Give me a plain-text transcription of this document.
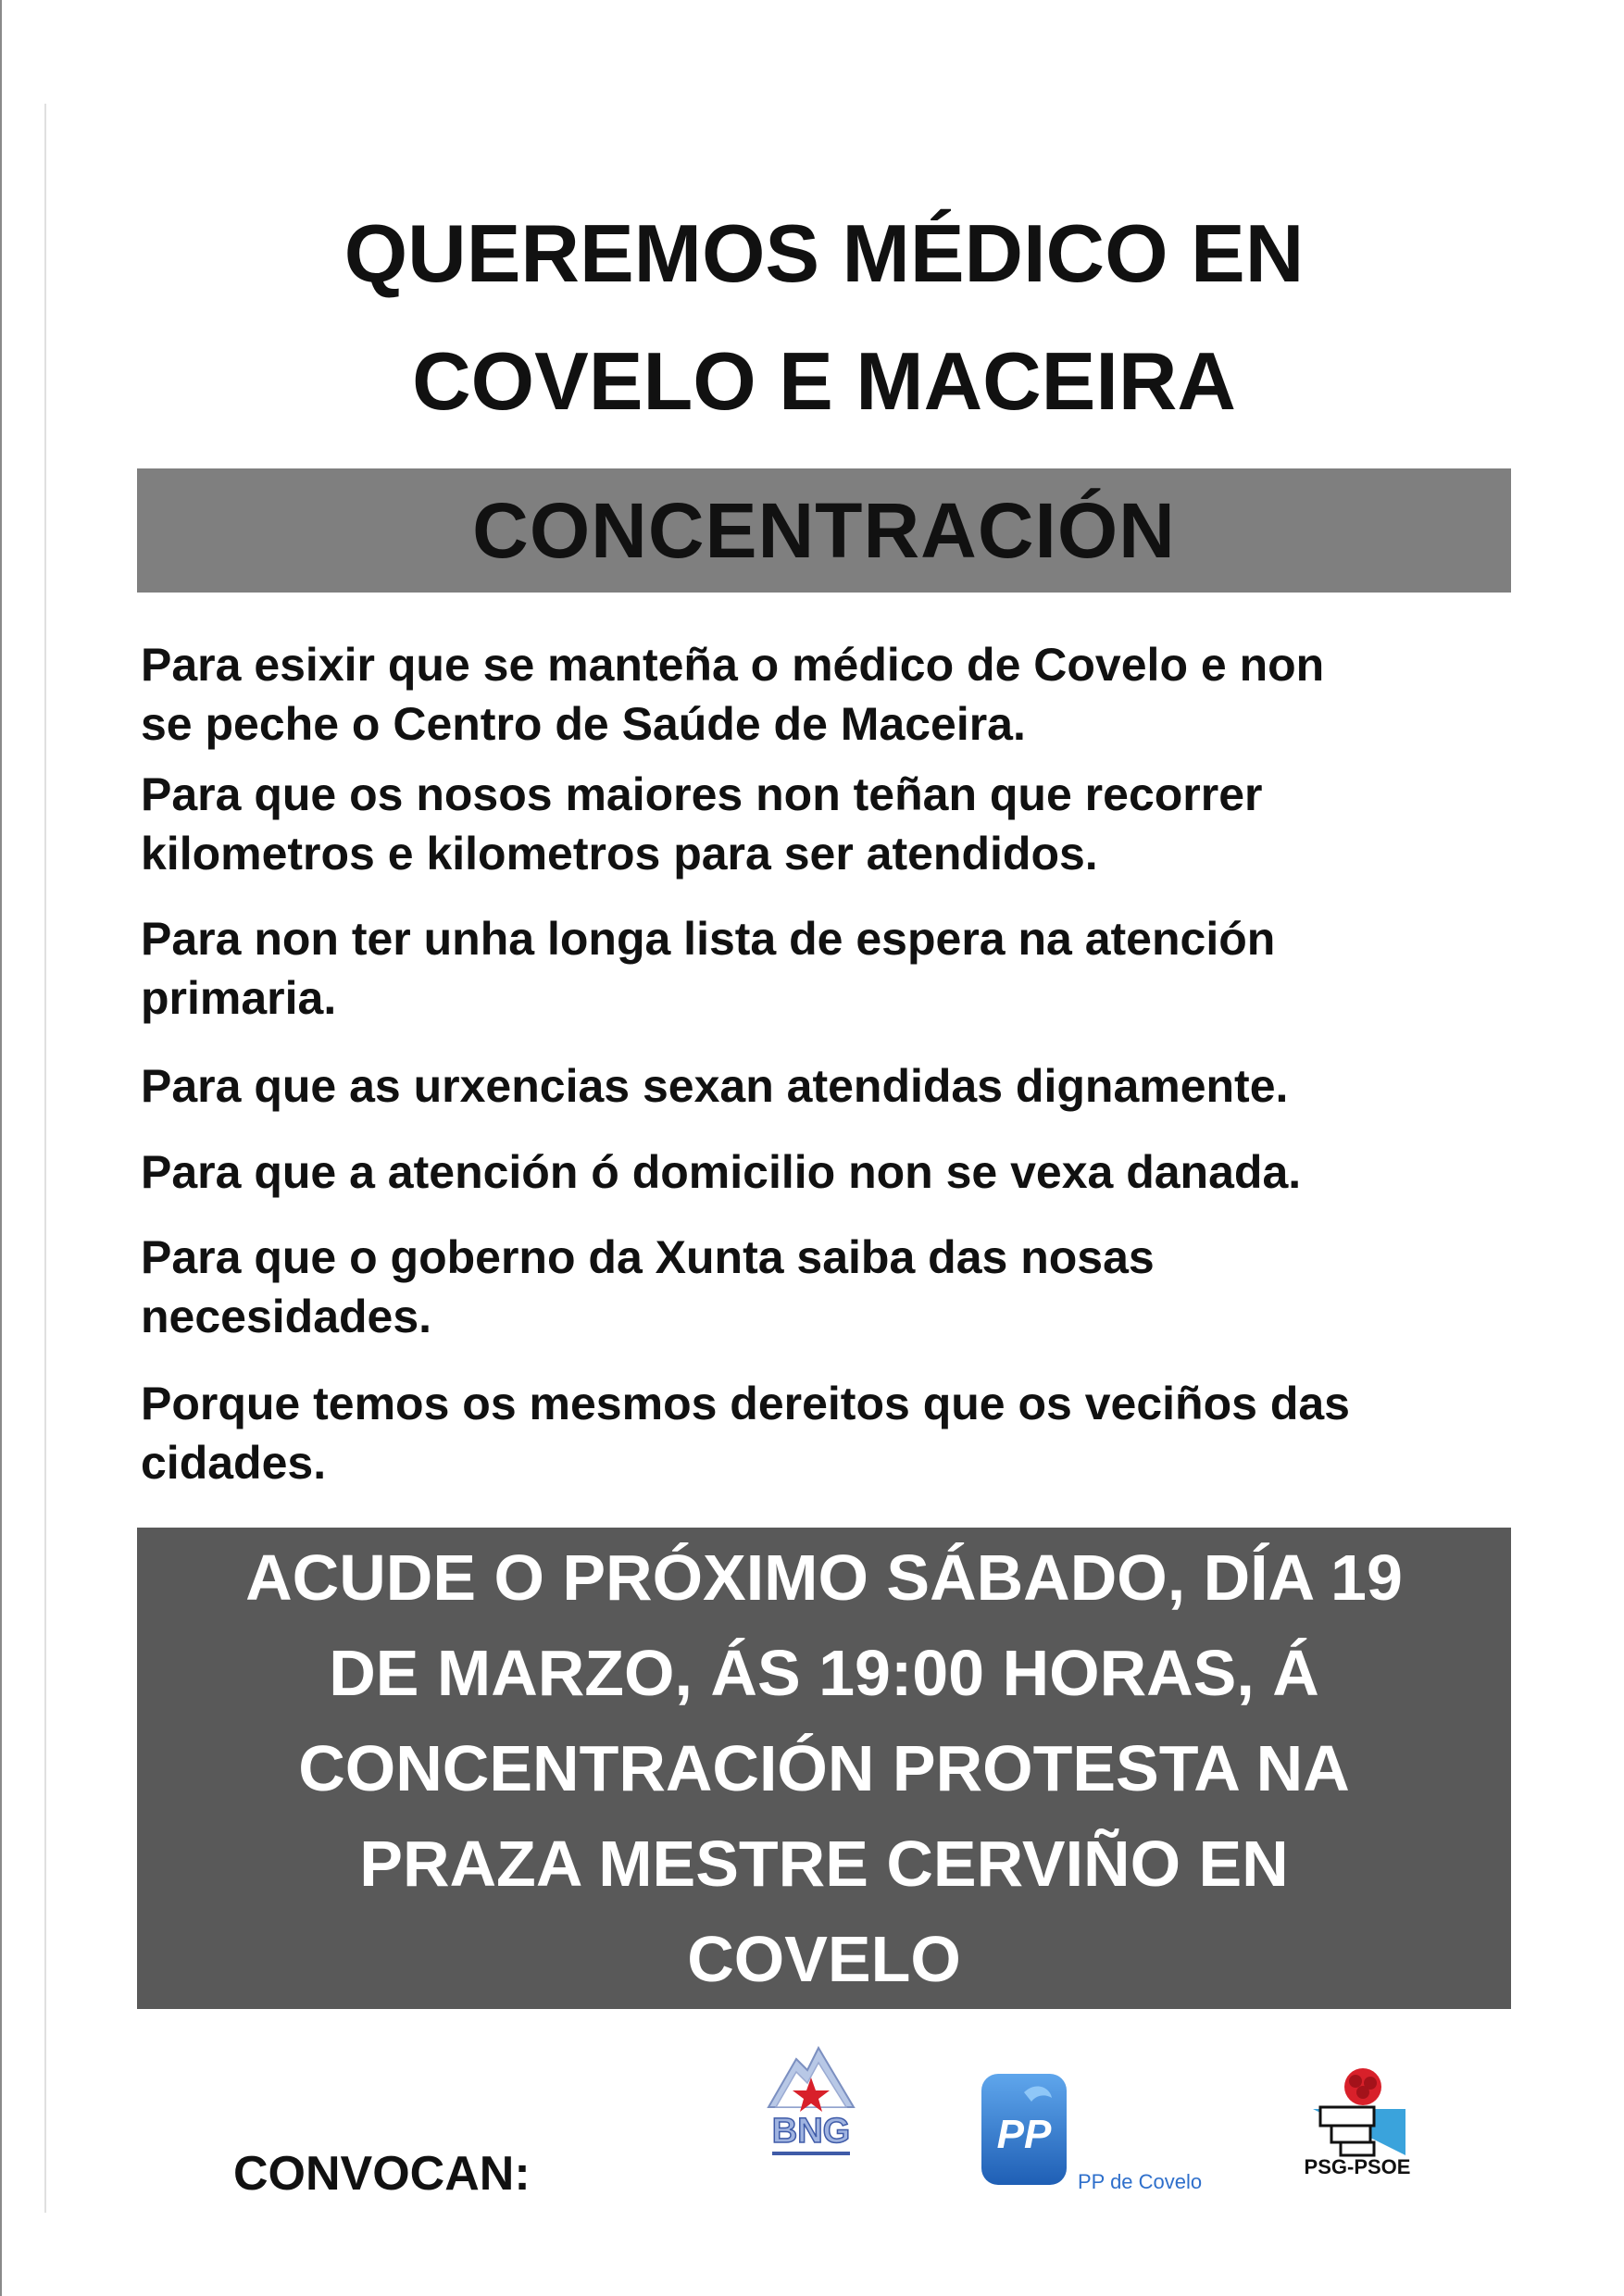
QUEREMOS MÉDICO EN
COVELO E MACEIRA
CONCENTRACIÓN

Para esixir que se manteña o médico de Covelo e non
se peche o Centro de Saúde de Maceira.

Para que os nosos maiores non teñan que recorrer
kilometros e kilometros para ser atendidos.

Para non ter unha longa lista de espera na atención
primaria.

Para que as urxencias sexan atendidas dignamente.

Para que a atención ó domicilio non se vexa danada.

Para que o goberno da Xunta saiba das nosas
necesidades.

Porque temos os mesmos dereitos que os veciños das
cidades.

ACUDE O PRÓXIMO SÁBADO, DÍA 19
DE MARZO, ÁS 19:00 HORAS, Á
CONCENTRACIÓN PROTESTA NA
PRAZA MESTRE CERVIÑO EN
COVELO

CONVOCAN:

BNG	PP
PP de Covelo
PSG-PSOE
